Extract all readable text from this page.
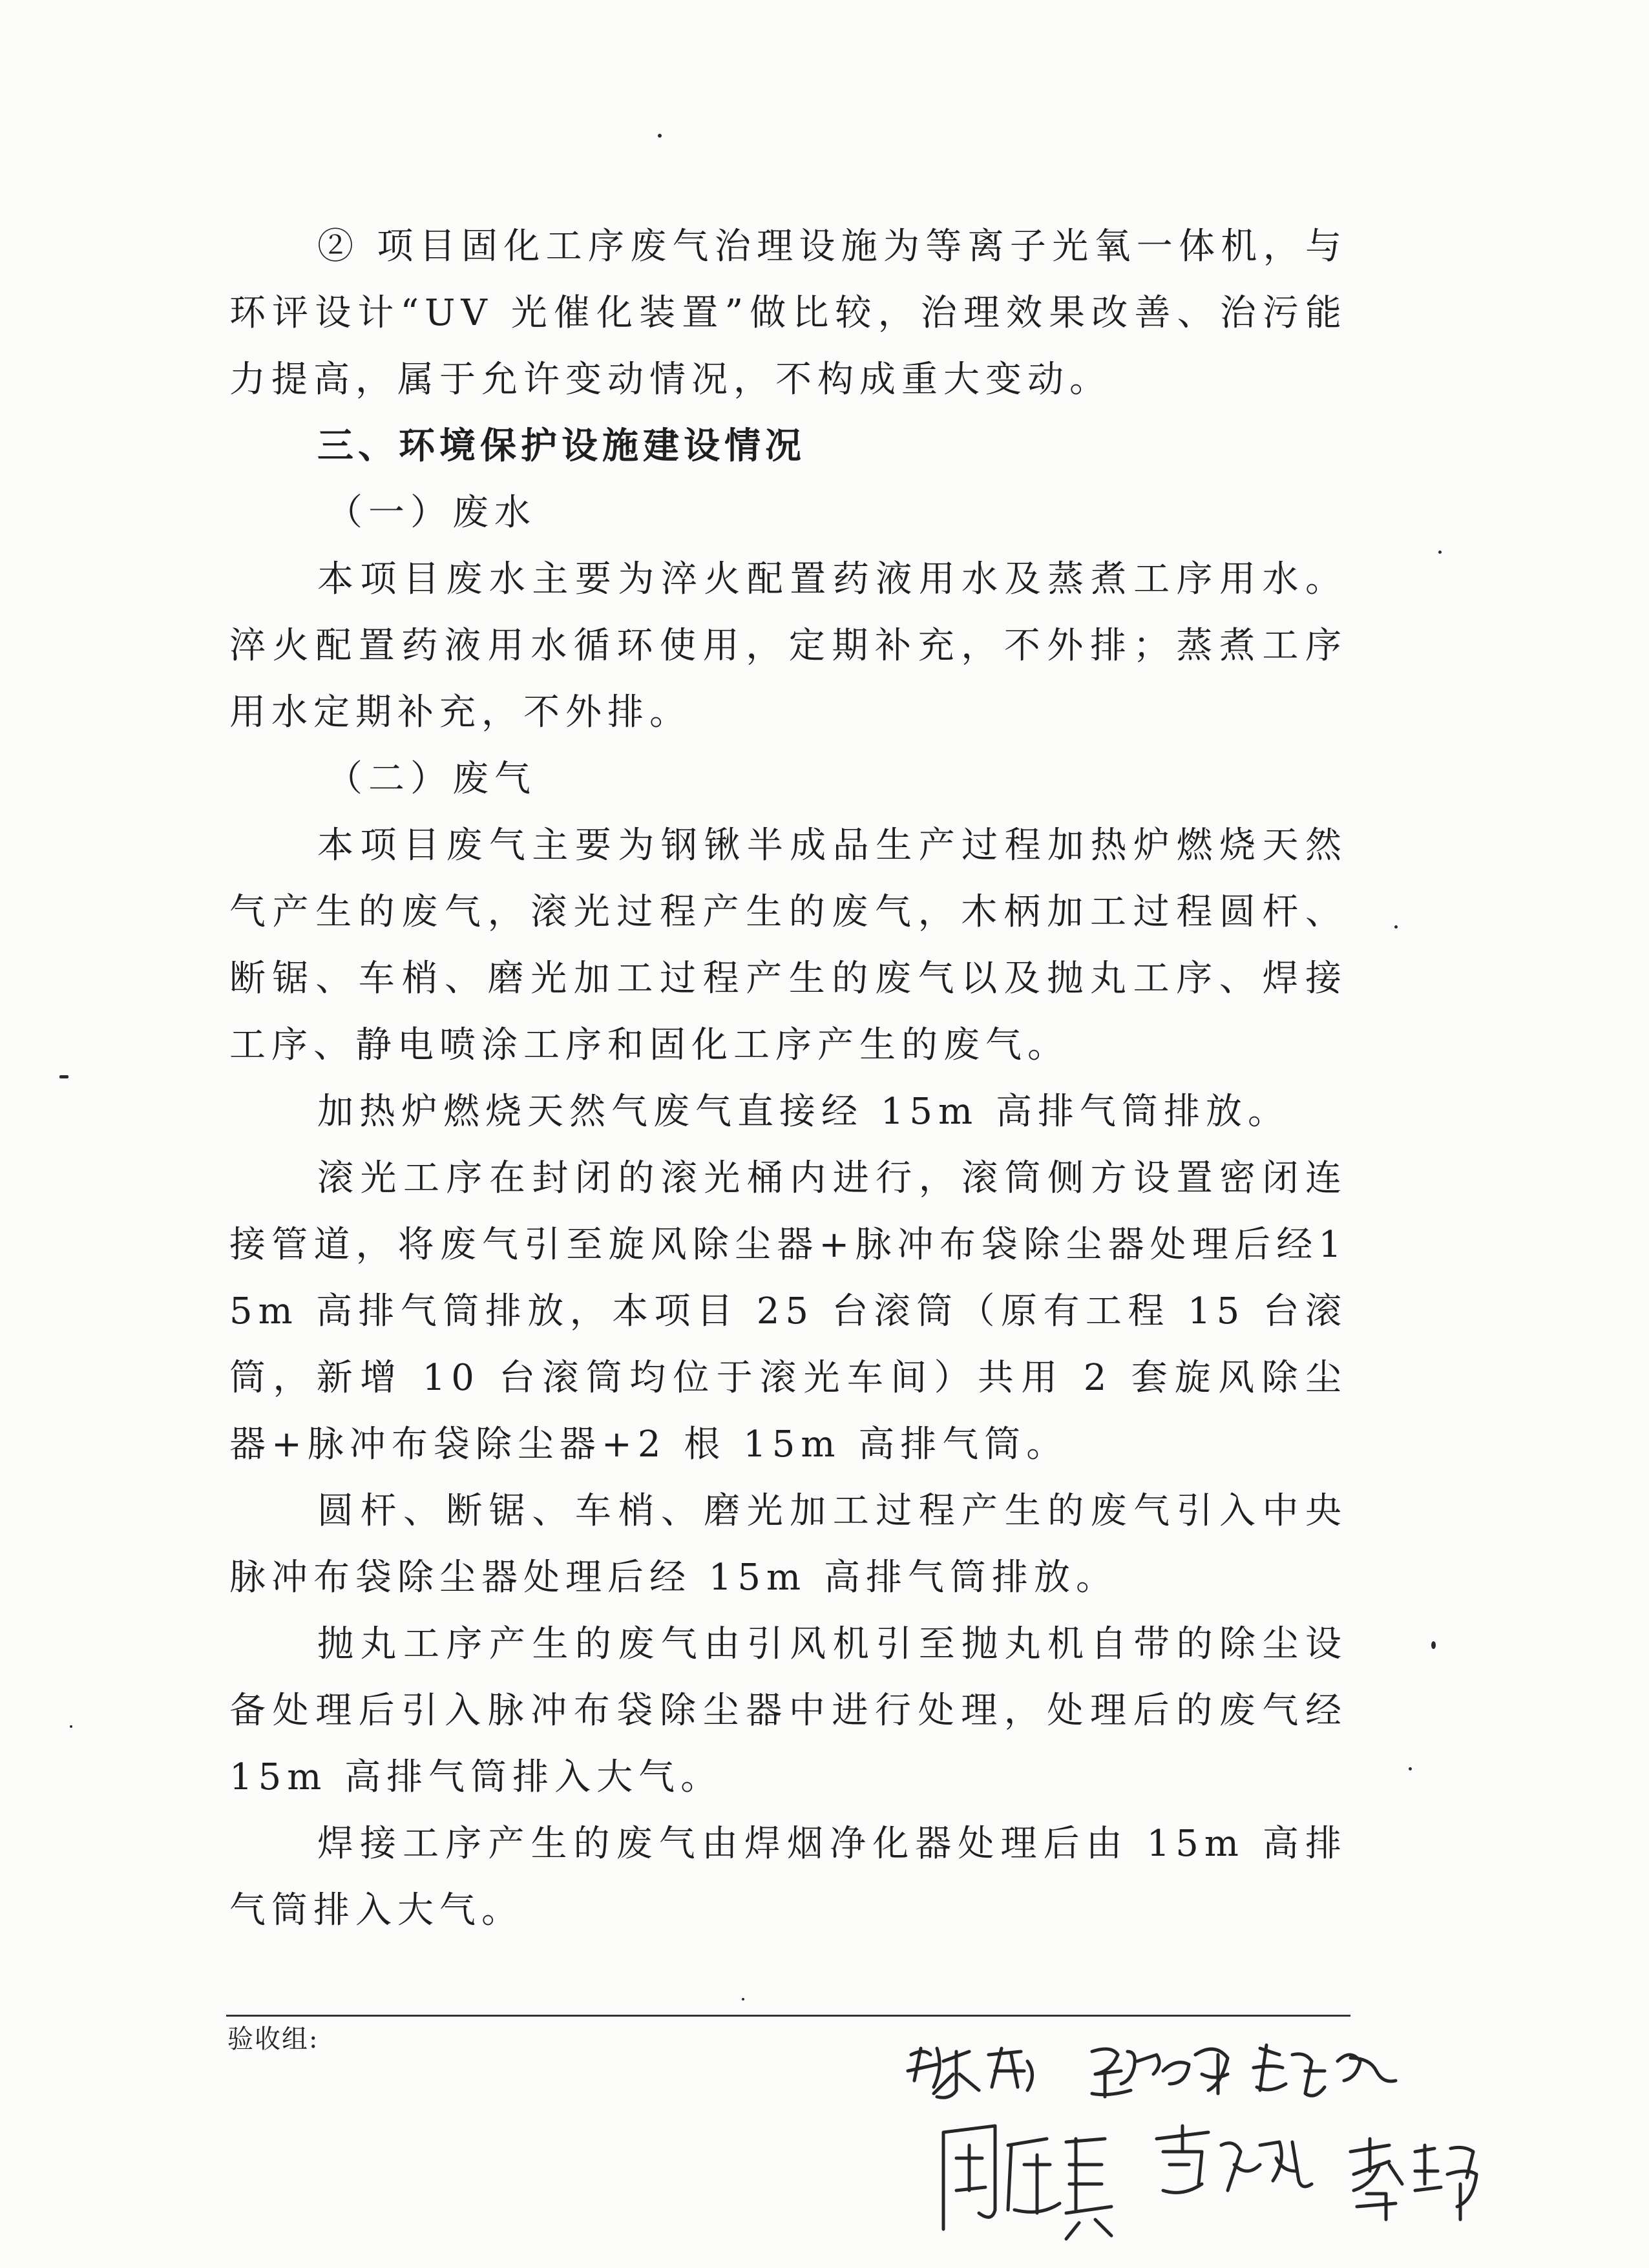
② 项目固化工序废气治理设施为等离子光氧一体机，与环评设计“UV 光催化装置”做比较，治理效果改善、治污能力提高，属于允许变动情况，不构成重大变动。

三、环境保护设施建设情况

（一）废水

本项目废水主要为淬火配置药液用水及蒸煮工序用水。淬火配置药液用水循环使用，定期补充，不外排；蒸煮工序用水定期补充，不外排。

（二）废气

本项目废气主要为钢锹半成品生产过程加热炉燃烧天然气产生的废气，滚光过程产生的废气，木柄加工过程圆杆、断锯、车梢、磨光加工过程产生的废气以及抛丸工序、焊接工序、静电喷涂工序和固化工序产生的废气。

加热炉燃烧天然气废气直接经 15m 高排气筒排放。

滚光工序在封闭的滚光桶内进行，滚筒侧方设置密闭连接管道，将废气引至旋风除尘器+脉冲布袋除尘器处理后经15m 高排气筒排放，本项目 25 台滚筒（原有工程 15 台滚筒，新增 10 台滚筒均位于滚光车间）共用 2 套旋风除尘器+脉冲布袋除尘器+2 根 15m 高排气筒。

圆杆、断锯、车梢、磨光加工过程产生的废气引入中央脉冲布袋除尘器处理后经 15m 高排气筒排放。

抛丸工序产生的废气由引风机引至抛丸机自带的除尘设备处理后引入脉冲布袋除尘器中进行处理，处理后的废气经 15m 高排气筒排入大气。

焊接工序产生的废气由焊烟净化器处理后由 15m 高排气筒排入大气。

验收组:
